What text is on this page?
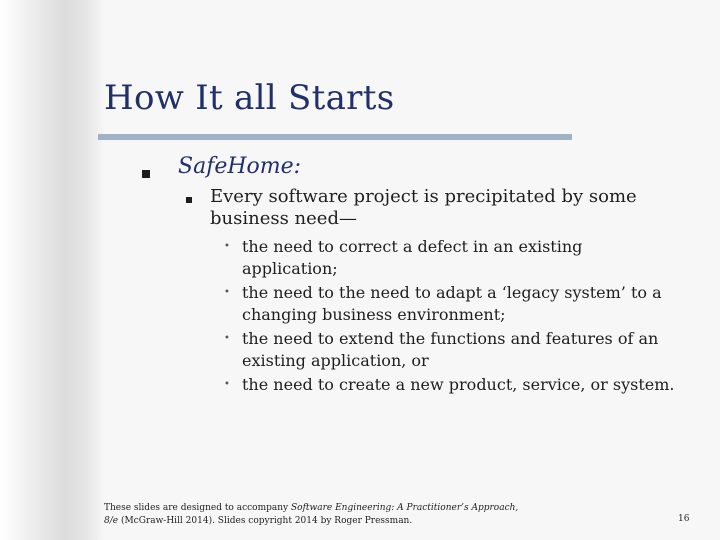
How It all Starts
SafeHome:
Every software project is precipitated by some business need—
• the need to correct a defect in an existing application;
• the need to the need to adapt a ‘legacy system’ to a changing business environment;
• the need to extend the functions and features of an existing application, or
• the need to create a new product, service, or system.
These slides are designed to accompany Software Engineering: A Practitioner’s Approach, 8/e (McGraw-Hill 2014). Slides copyright 2014 by Roger Pressman.	16
